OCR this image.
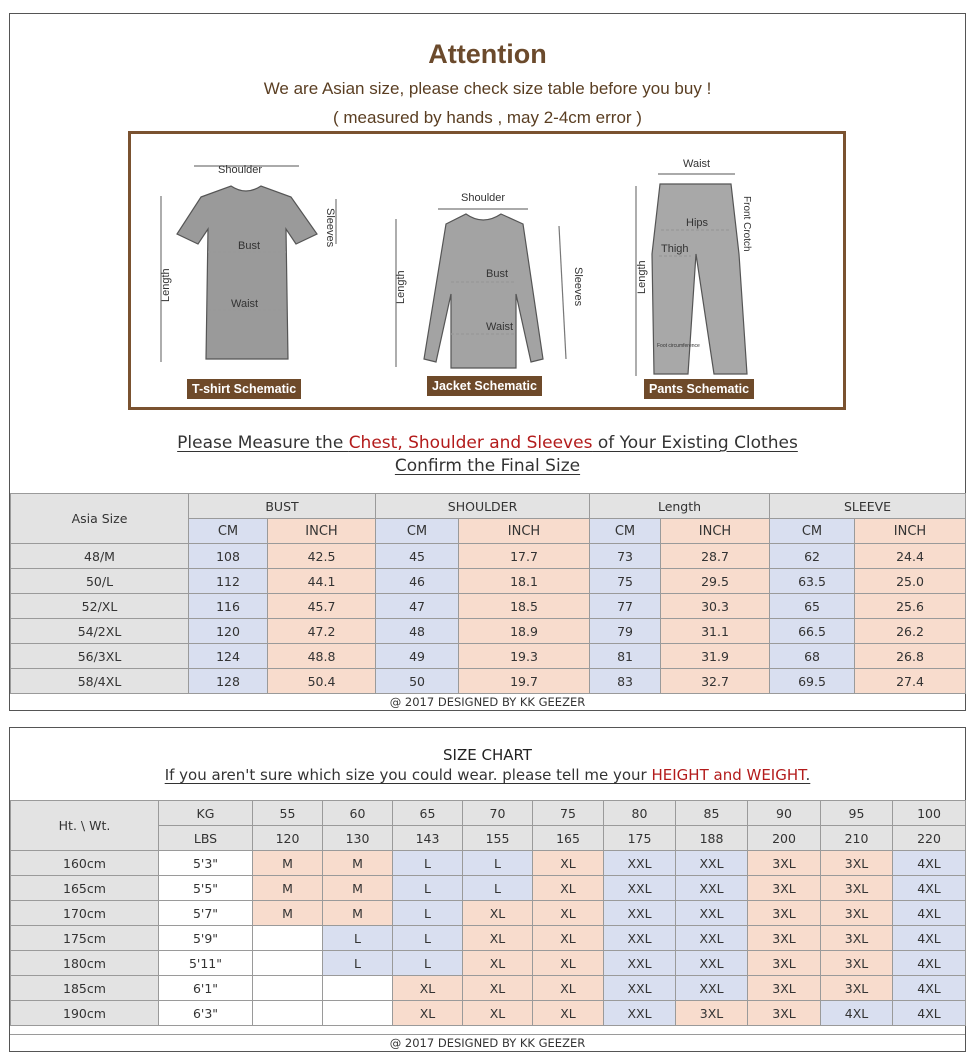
Attention
We are Asian size, please check size table before you buy !
( measured by hands , may 2-4cm error )
Shoulder
Bust
Waist
Sleeves
Length
Shoulder
Bust
Waist
Sleeves
Length
Waist
Hips
Thigh	Front Crotch
Length
Foot circumference
T-shirt Schematic	Jacket Schematic	Pants Schematic
Please Measure the Chest, Shoulder and Sleeves of Your Existing Clothes
Confirm the Final Size
Asia Size	BUST		SHOULDER		Length		SLEEVE	
	CM	INCH	CM	INCH	CM	INCH	CM	INCH
48/M	108	42.5	45	17.7	73	28.7	62	24.4
50/L	112	44.1	46	18.1	75	29.5	63.5	25.0
52/XL	116	45.7	47	18.5	77	30.3	65	25.6
54/2XL	120	47.2	48	18.9	79	31.1	66.5	26.2
56/3XL	124	48.8	49	19.3	81	31.9	68	26.8
58/4XL	128	50.4	50	19.7	83	32.7	69.5	27.4
@ 2017 DESIGNED BY KK GEEZER
SIZE CHART
If you aren't sure which size you could wear. please tell me your HEIGHT and WEIGHT.
Ht. \ Wt.	KG	55	60	65	70	75	80	85	90	95	100
	LBS	120	130	143	155	165	175	188	200	210	220
160cm	5'3"	M	M	L	L	XL	XXL	XXL	3XL	3XL	4XL
165cm	5'5"	M	M	L	L	XL	XXL	XXL	3XL	3XL	4XL
170cm	5'7"	M	M	L	XL	XL	XXL	XXL	3XL	3XL	4XL
175cm	5'9"		L	L	XL	XL	XXL	XXL	3XL	3XL	4XL
180cm	5'11"		L	L	XL	XL	XXL	XXL	3XL	3XL	4XL
185cm	6'1"			XL	XL	XL	XXL	XXL	3XL	3XL	4XL
190cm	6'3"			XL	XL	XL	XXL	3XL	3XL	4XL	4XL
@ 2017 DESIGNED BY KK GEEZER
